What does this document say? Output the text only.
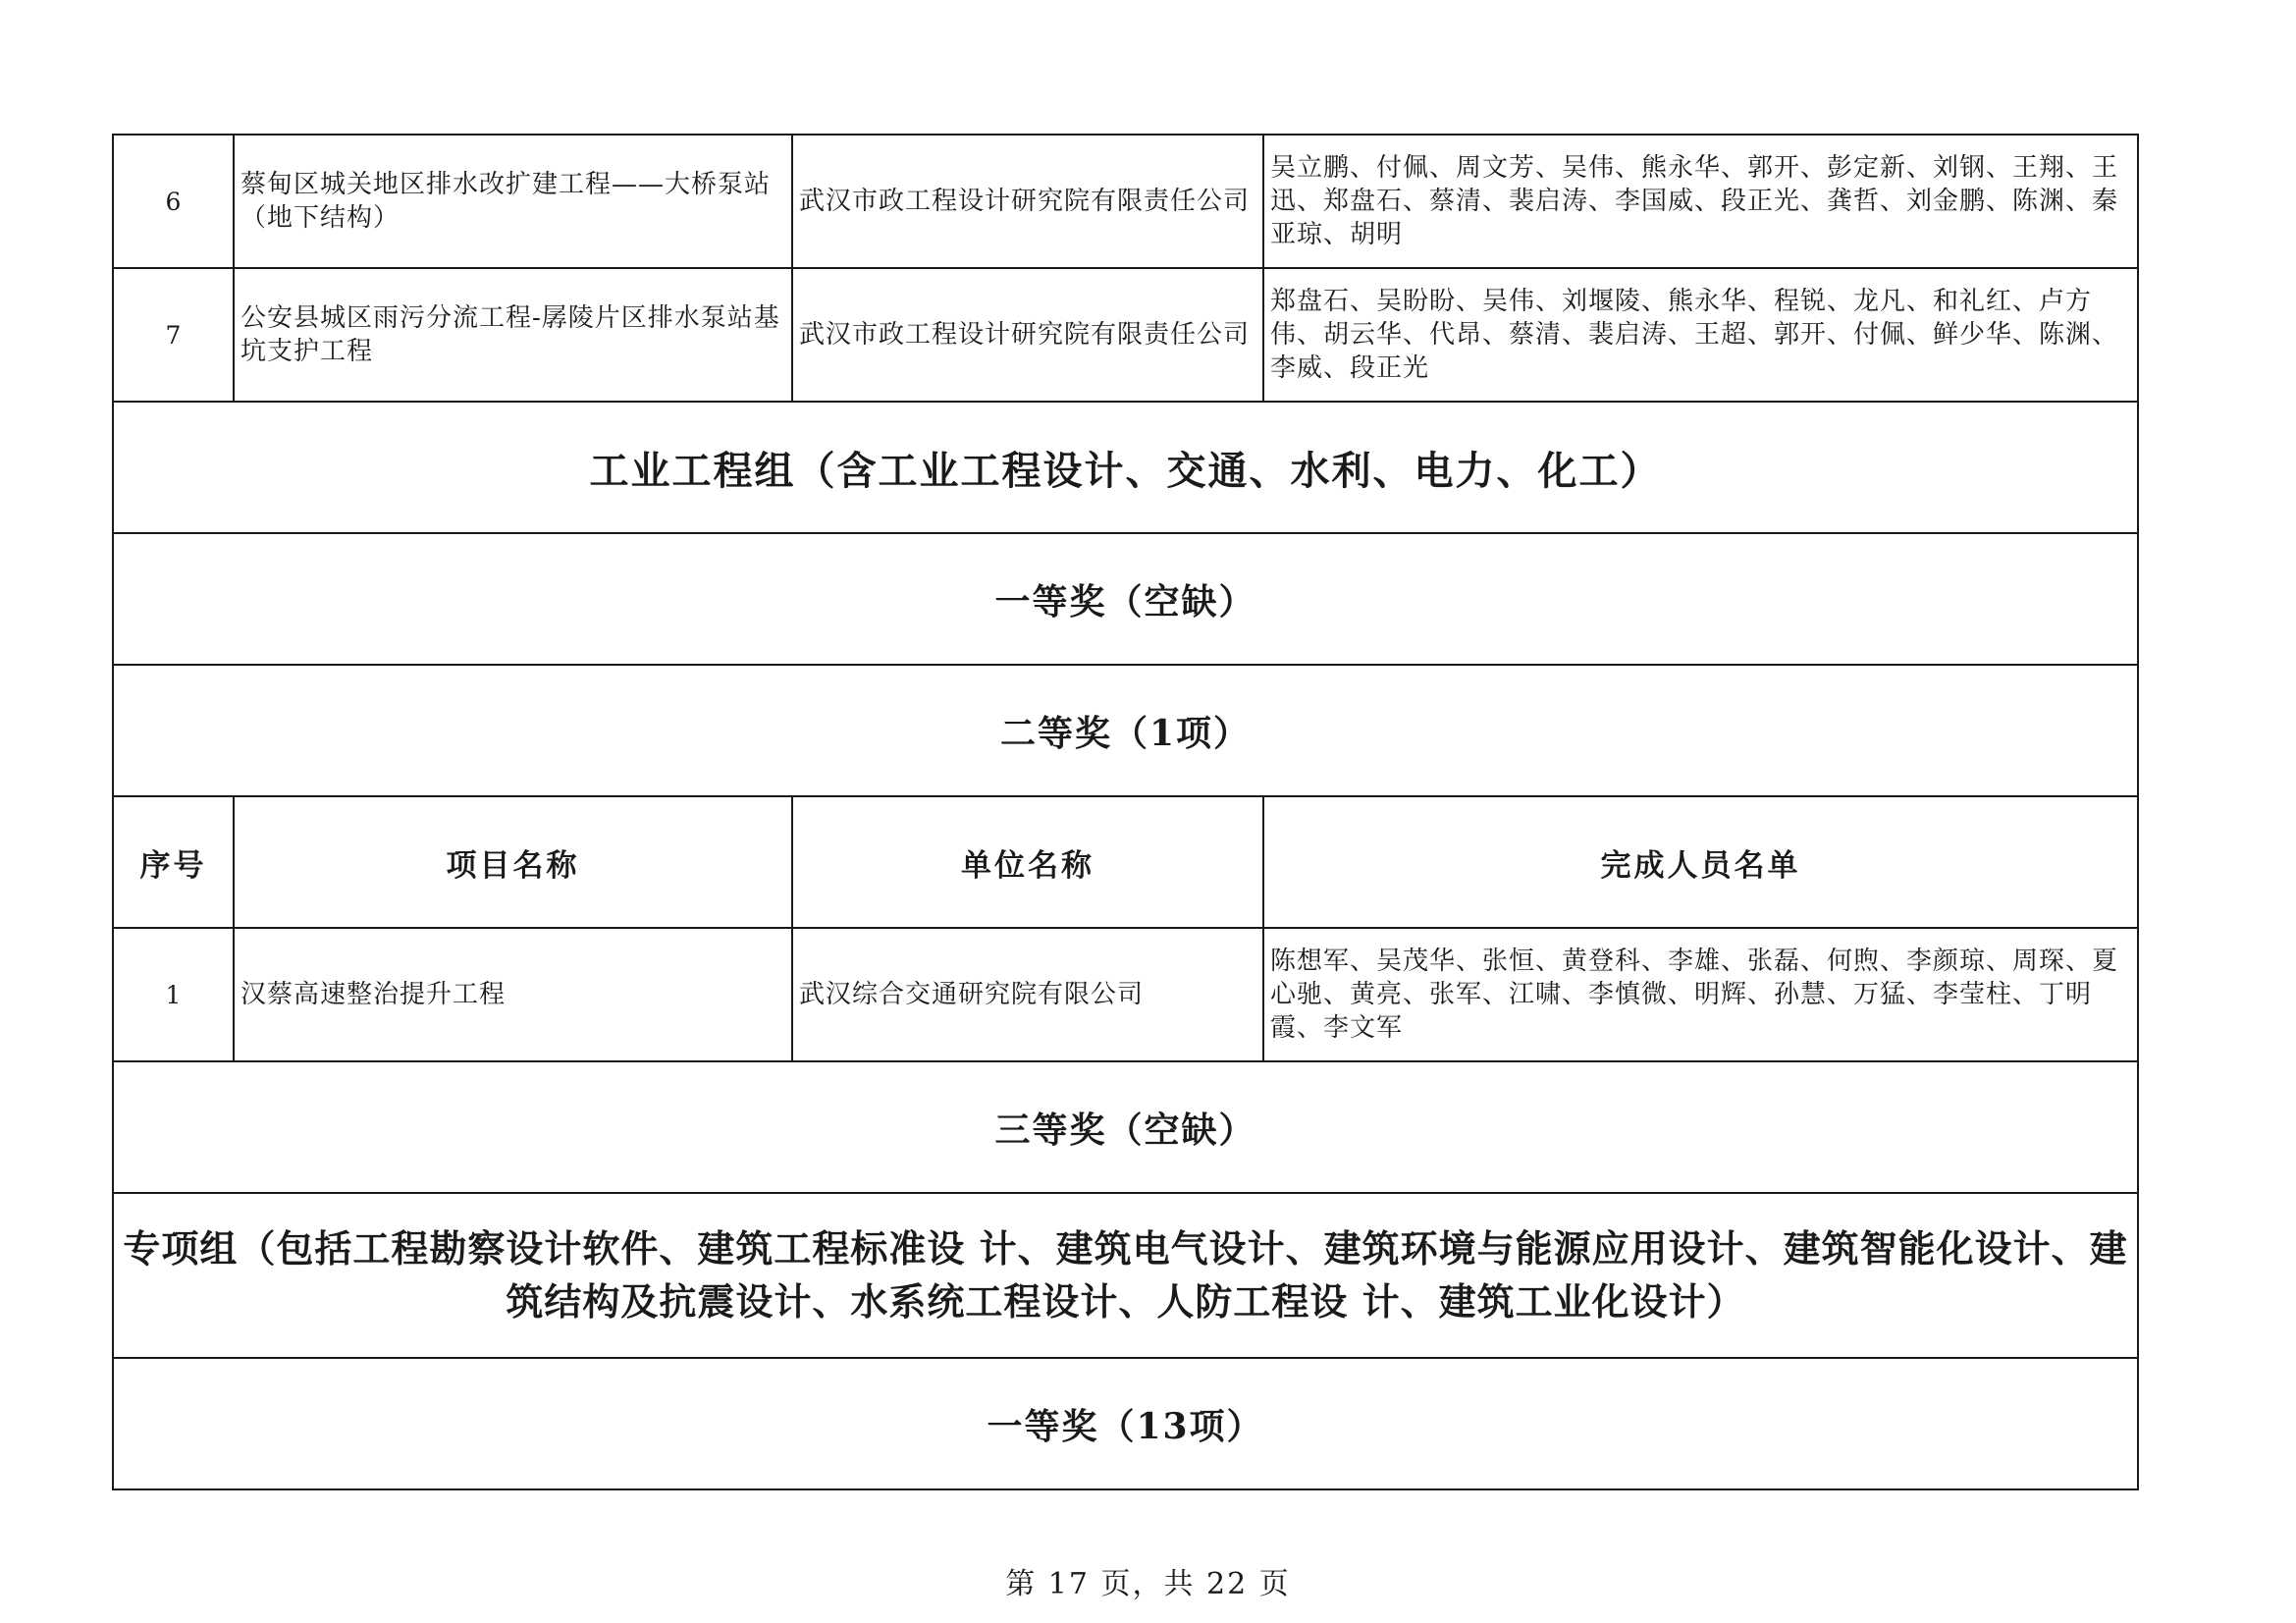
6	蔡甸区城关地区排水改扩建工程——大桥泵站（地下结构）	武汉市政工程设计研究院有限责任公司	吴立鹏、付佩、周文芳、吴伟、熊永华、郭开、彭定新、刘钢、王翔、王迅、郑盘石、蔡清、裴启涛、李国威、段正光、龚哲、刘金鹏、陈渊、秦亚琼、胡明
7	公安县城区雨污分流工程-孱陵片区排水泵站基坑支护工程	武汉市政工程设计研究院有限责任公司	郑盘石、吴盼盼、吴伟、刘堰陵、熊永华、程锐、龙凡、和礼红、卢方伟、胡云华、代昂、蔡清、裴启涛、王超、郭开、付佩、鲜少华、陈渊、李威、段正光
工业工程组（含工业工程设计、交通、水利、电力、化工）			
一等奖（空缺）			
二等奖（1项）			
序号	项目名称	单位名称	完成人员名单
1	汉蔡高速整治提升工程	武汉综合交通研究院有限公司	陈想军、吴茂华、张恒、黄登科、李雄、张磊、何煦、李颜琼、周琛、夏心驰、黄亮、张军、江啸、李慎微、明辉、孙慧、万猛、李莹柱、丁明霞、李文军
三等奖（空缺）			
专项组（包括工程勘察设计软件、建筑工程标准设 计、建筑电气设计、建筑环境与能源应用设计、建筑智能化设计、建筑结构及抗震设计、水系统工程设计、人防工程设 计、建筑工业化设计）			
一等奖（13项）			
第 17 页，共 22 页
